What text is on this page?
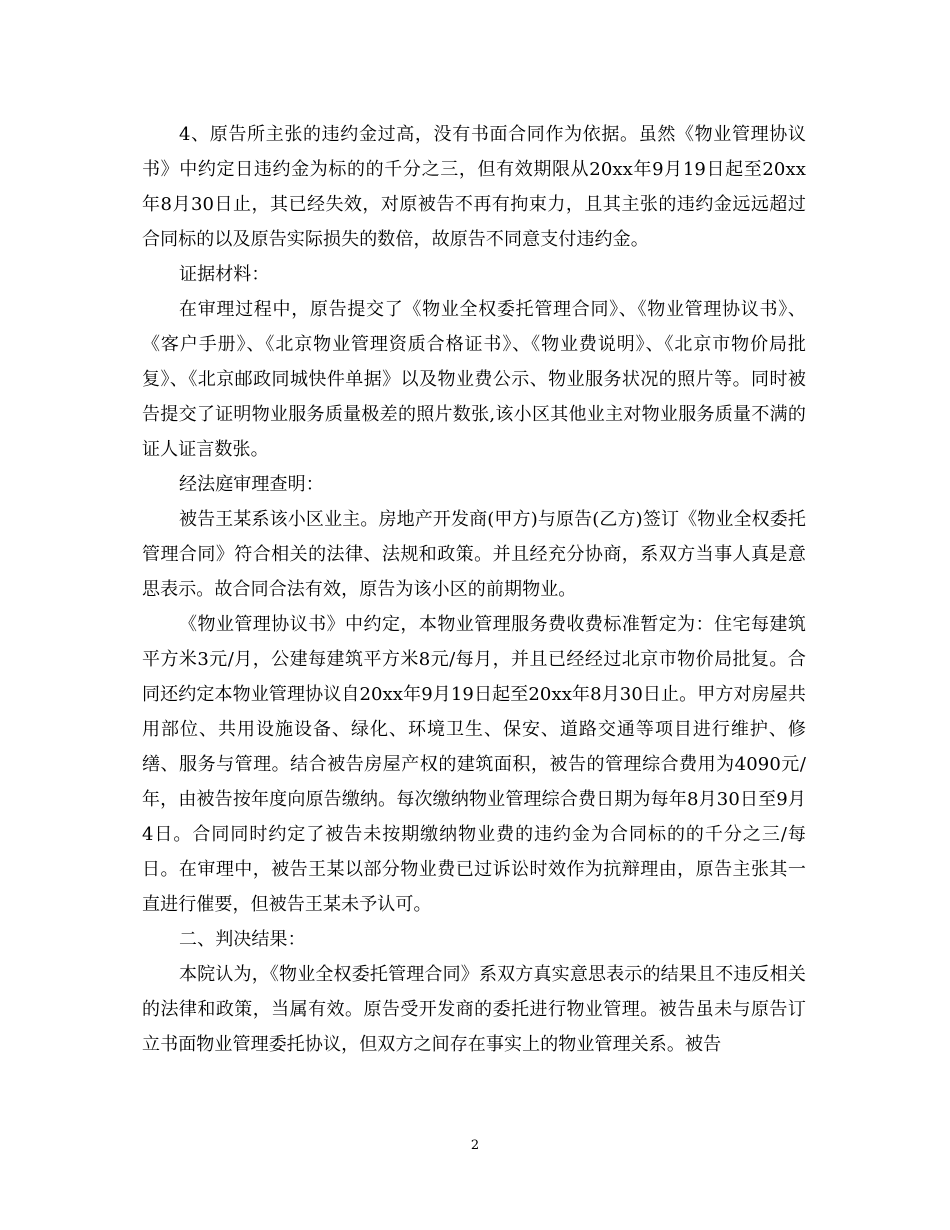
4、原告所主张的违约金过高，没有书面合同作为依据。虽然《物业管理协议书》中约定日违约金为标的的千分之三，但有效期限从20xx年9月19日起至20xx年8月30日止，其已经失效，对原被告不再有拘束力，且其主张的违约金远远超过合同标的以及原告实际损失的数倍，故原告不同意支付违约金。

证据材料：

在审理过程中，原告提交了《物业全权委托管理合同》、《物业管理协议书》、《客户手册》、《北京物业管理资质合格证书》、《物业费说明》、《北京市物价局批复》、《北京邮政同城快件单据》以及物业费公示、物业服务状况的照片等。同时被告提交了证明物业服务质量极差的照片数张,该小区其他业主对物业服务质量不满的证人证言数张。

经法庭审理查明：

被告王某系该小区业主。房地产开发商(甲方)与原告(乙方)签订《物业全权委托管理合同》符合相关的法律、法规和政策。并且经充分协商，系双方当事人真是意思表示。故合同合法有效，原告为该小区的前期物业。

《物业管理协议书》中约定，本物业管理服务费收费标准暂定为：住宅每建筑平方米3元/月，公建每建筑平方米8元/每月，并且已经经过北京市物价局批复。合同还约定本物业管理协议自20xx年9月19日起至20xx年8月30日止。甲方对房屋共用部位、共用设施设备、绿化、环境卫生、保安、道路交通等项目进行维护、修缮、服务与管理。结合被告房屋产权的建筑面积，被告的管理综合费用为4090元/年，由被告按年度向原告缴纳。每次缴纳物业管理综合费日期为每年8月30日至9月4日。合同同时约定了被告未按期缴纳物业费的违约金为合同标的的千分之三/每日。在审理中，被告王某以部分物业费已过诉讼时效作为抗辩理由，原告主张其一直进行催要，但被告王某未予认可。

二、判决结果：

本院认为，《物业全权委托管理合同》系双方真实意思表示的结果且不违反相关的法律和政策，当属有效。原告受开发商的委托进行物业管理。被告虽未与原告订立书面物业管理委托协议，但双方之间存在事实上的物业管理关系。被告

2
